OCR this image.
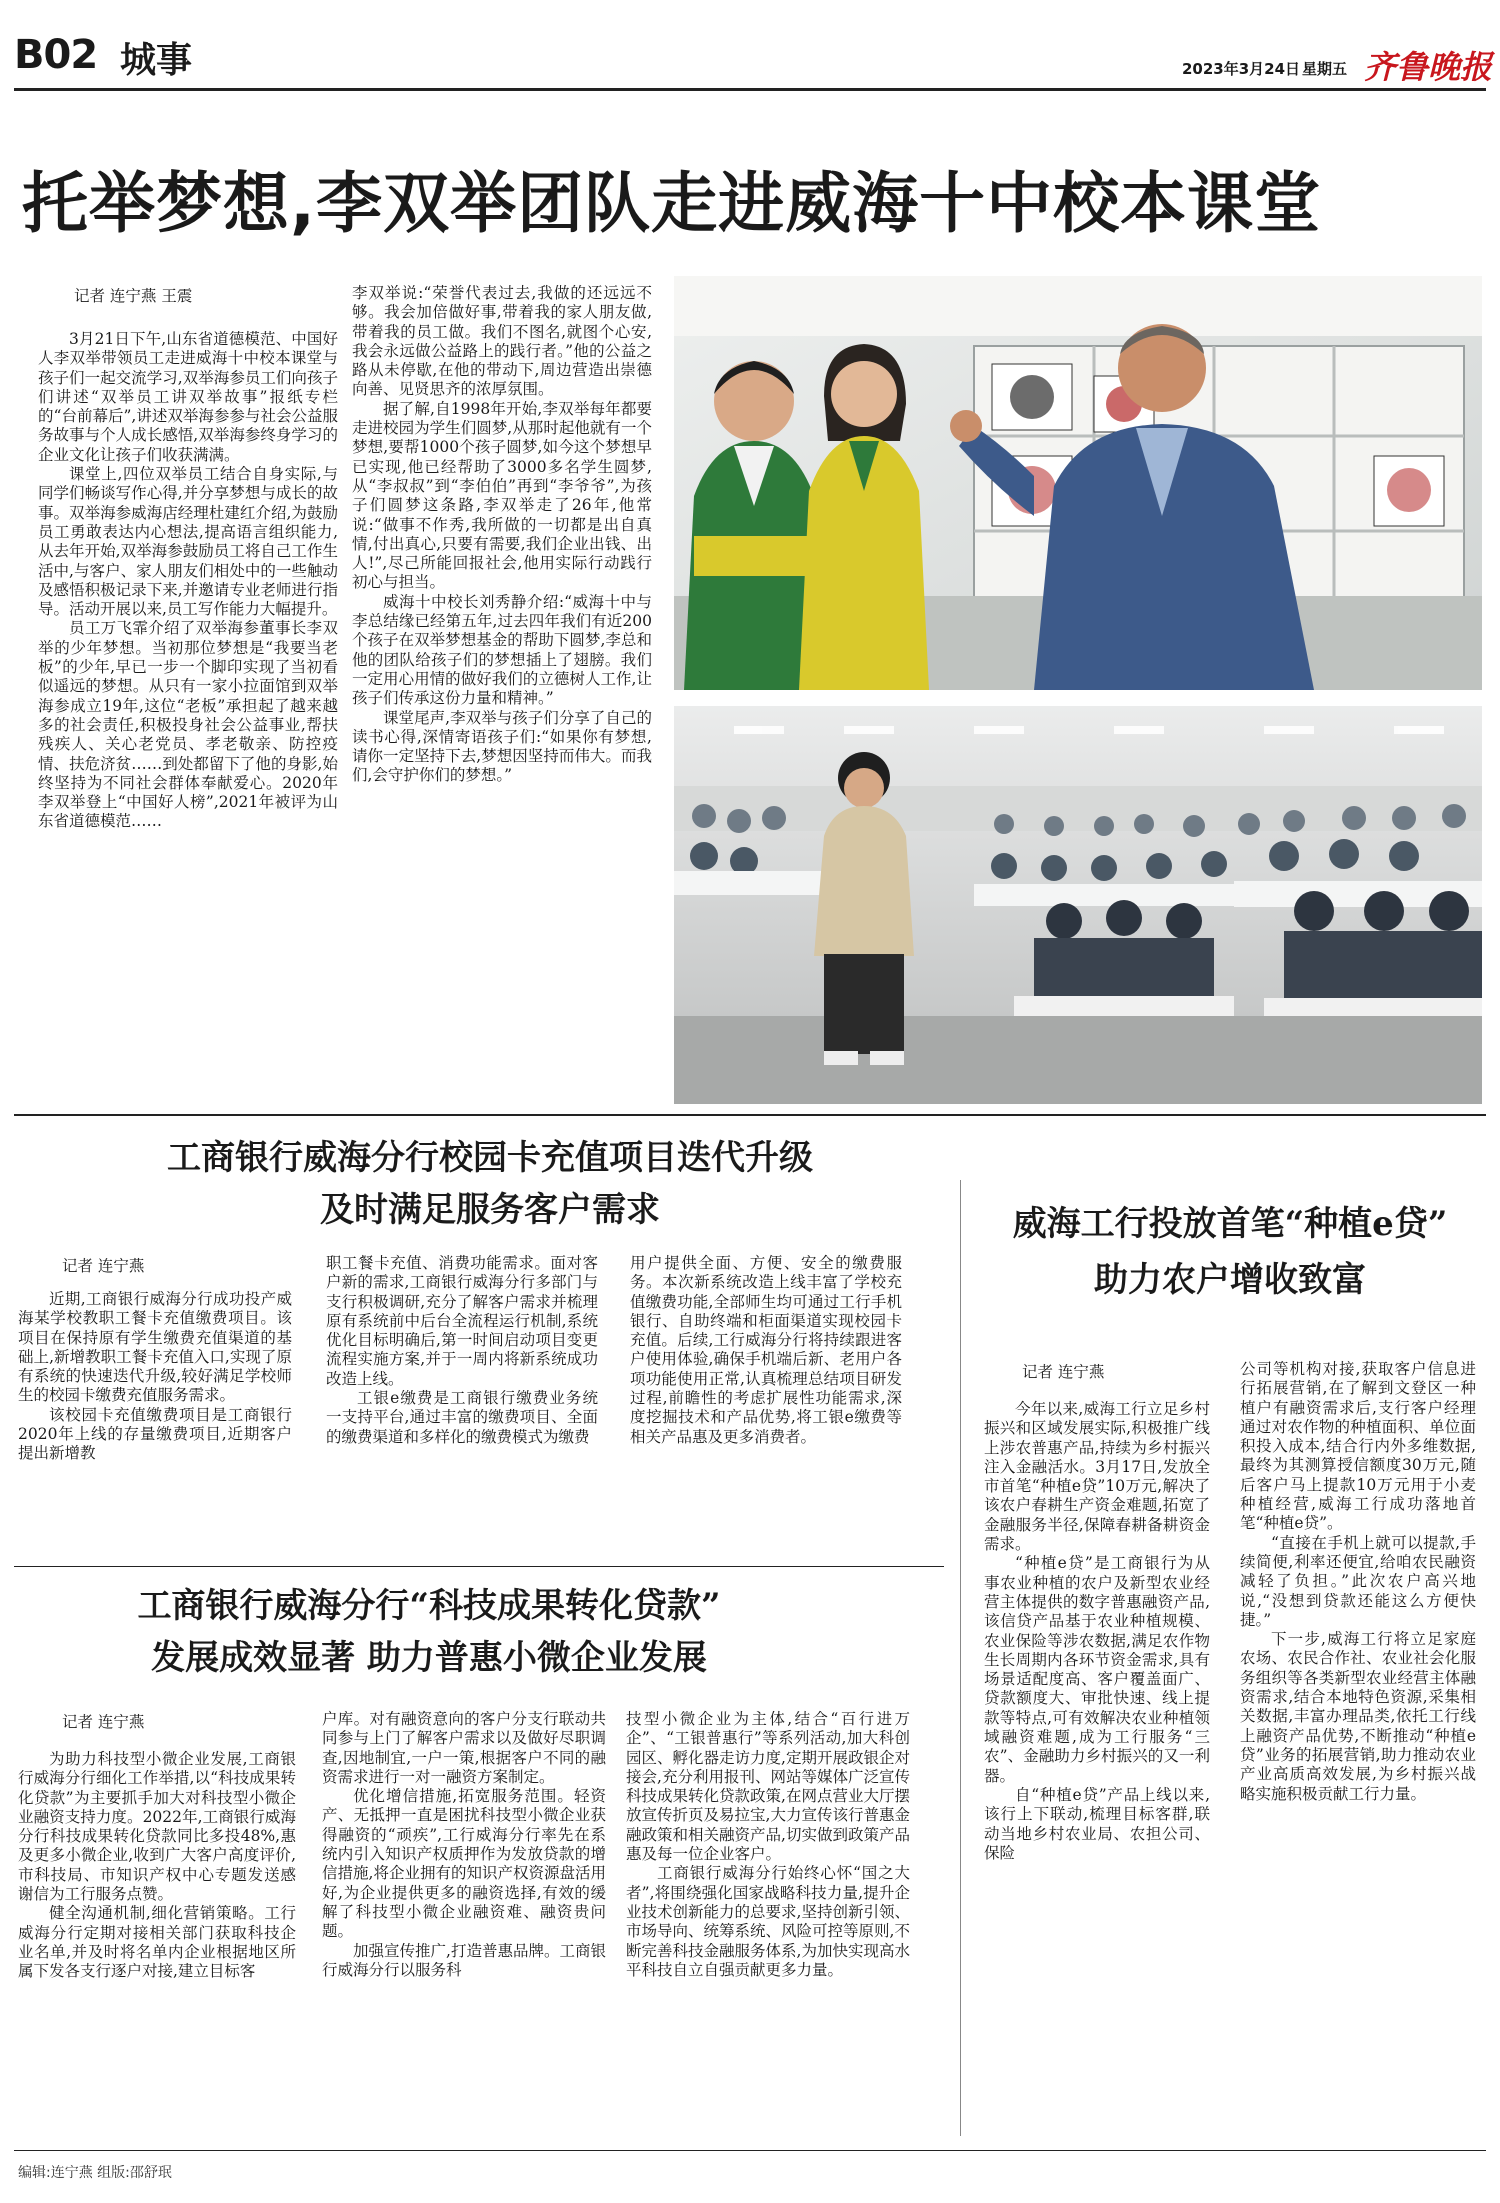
B02 城事	2023年3月24日 星期五 齐鲁晚报
托举梦想,李双举团队走进威海十中校本课堂
记者 连宁燕 王震

3月21日下午,山东省道德模范、中国好人李双举带领员工走进威海十中校本课堂与孩子们一起交流学习,双举海参员工们向孩子们讲述“双举员工讲双举故事”报纸专栏的“台前幕后”,讲述双举海参参与社会公益服务故事与个人成长感悟,双举海参终身学习的企业文化让孩子们收获满满。

课堂上,四位双举员工结合自身实际,与同学们畅谈写作心得,并分享梦想与成长的故事。双举海参威海店经理杜建红介绍,为鼓励员工勇敢表达内心想法,提高语言组织能力,从去年开始,双举海参鼓励员工将自己工作生活中,与客户、家人朋友们相处中的一些触动及感悟积极记录下来,并邀请专业老师进行指导。活动开展以来,员工写作能力大幅提升。

员工万飞霏介绍了双举海参董事长李双举的少年梦想。当初那位梦想是“我要当老板”的少年,早已一步一个脚印实现了当初看似遥远的梦想。从只有一家小拉面馆到双举海参成立19年,这位“老板”承担起了越来越多的社会责任,积极投身社会公益事业,帮扶残疾人、关心老党员、孝老敬亲、防控疫情、扶危济贫……到处都留下了他的身影,始终坚持为不同社会群体奉献爱心。2020年李双举登上“中国好人榜”,2021年被评为山东省道德模范……

李双举说:“荣誉代表过去,我做的还远远不够。我会加倍做好事,带着我的家人朋友做,带着我的员工做。我们不图名,就图个心安,我会永远做公益路上的践行者。”他的公益之路从未停歇,在他的带动下,周边营造出崇德向善、见贤思齐的浓厚氛围。

据了解,自1998年开始,李双举每年都要走进校园为学生们圆梦,从那时起他就有一个梦想,要帮1000个孩子圆梦,如今这个梦想早已实现,他已经帮助了3000多名学生圆梦,从“李叔叔”到“李伯伯”再到“李爷爷”,为孩子们圆梦这条路,李双举走了26年,他常说:“做事不作秀,我所做的一切都是出自真情,付出真心,只要有需要,我们企业出钱、出人!”,尽己所能回报社会,他用实际行动践行初心与担当。

威海十中校长刘秀静介绍:“威海十中与李总结缘已经第五年,过去四年我们有近200个孩子在双举梦想基金的帮助下圆梦,李总和他的团队给孩子们的梦想插上了翅膀。我们一定用心用情的做好我们的立德树人工作,让孩子们传承这份力量和精神。”

课堂尾声,李双举与孩子们分享了自己的读书心得,深情寄语孩子们:“如果你有梦想,请你一定坚持下去,梦想因坚持而伟大。而我们,会守护你们的梦想。”

工商银行威海分行校园卡充值项目迭代升级
及时满足服务客户需求
记者 连宁燕

近期,工商银行威海分行成功投产威海某学校教职工餐卡充值缴费项目。该项目在保持原有学生缴费充值渠道的基础上,新增教职工餐卡充值入口,实现了原有系统的快速迭代升级,较好满足学校师生的校园卡缴费充值服务需求。

该校园卡充值缴费项目是工商银行2020年上线的存量缴费项目,近期客户提出新增教

职工餐卡充值、消费功能需求。面对客户新的需求,工商银行威海分行多部门与支行积极调研,充分了解客户需求并梳理原有系统前中后台全流程运行机制,系统优化目标明确后,第一时间启动项目变更流程实施方案,并于一周内将新系统成功改造上线。

工银e缴费是工商银行缴费业务统一支持平台,通过丰富的缴费项目、全面的缴费渠道和多样化的缴费模式为缴费

用户提供全面、方便、安全的缴费服务。本次新系统改造上线丰富了学校充值缴费功能,全部师生均可通过工行手机银行、自助终端和柜面渠道实现校园卡充值。后续,工行威海分行将持续跟进客户使用体验,确保手机端后新、老用户各项功能使用正常,认真梳理总结项目研发过程,前瞻性的考虑扩展性功能需求,深度挖掘技术和产品优势,将工银e缴费等相关产品惠及更多消费者。

工商银行威海分行“科技成果转化贷款”
发展成效显著 助力普惠小微企业发展
记者 连宁燕

为助力科技型小微企业发展,工商银行威海分行细化工作举措,以“科技成果转化贷款”为主要抓手加大对科技型小微企业融资支持力度。2022年,工商银行威海分行科技成果转化贷款同比多投48%,惠及更多小微企业,收到广大客户高度评价,市科技局、市知识产权中心专题发送感谢信为工行服务点赞。

健全沟通机制,细化营销策略。工行威海分行定期对接相关部门获取科技企业名单,并及时将名单内企业根据地区所属下发各支行逐户对接,建立目标客

户库。对有融资意向的客户分支行联动共同参与上门了解客户需求以及做好尽职调查,因地制宜,一户一策,根据客户不同的融资需求进行一对一融资方案制定。

优化增信措施,拓宽服务范围。轻资产、无抵押一直是困扰科技型小微企业获得融资的“顽疾”,工行威海分行率先在系统内引入知识产权质押作为发放贷款的增信措施,将企业拥有的知识产权资源盘活用好,为企业提供更多的融资选择,有效的缓解了科技型小微企业融资难、融资贵问题。

加强宣传推广,打造普惠品牌。工商银行威海分行以服务科

技型小微企业为主体,结合“百行进万企”、“工银普惠行”等系列活动,加大科创园区、孵化器走访力度,定期开展政银企对接会,充分利用报刊、网站等媒体广泛宣传科技成果转化贷款政策,在网点营业大厅摆放宣传折页及易拉宝,大力宣传该行普惠金融政策和相关融资产品,切实做到政策产品惠及每一位企业客户。

工商银行威海分行始终心怀“国之大者”,将围绕强化国家战略科技力量,提升企业技术创新能力的总要求,坚持创新引领、市场导向、统筹系统、风险可控等原则,不断完善科技金融服务体系,为加快实现高水平科技自立自强贡献更多力量。

威海工行投放首笔“种植e贷”
助力农户增收致富
记者 连宁燕

今年以来,威海工行立足乡村振兴和区域发展实际,积极推广线上涉农普惠产品,持续为乡村振兴注入金融活水。3月17日,发放全市首笔“种植e贷”10万元,解决了该农户春耕生产资金难题,拓宽了金融服务半径,保障春耕备耕资金需求。

“种植e贷”是工商银行为从事农业种植的农户及新型农业经营主体提供的数字普惠融资产品,该信贷产品基于农业种植规模、农业保险等涉农数据,满足农作物生长周期内各环节资金需求,具有场景适配度高、客户覆盖面广、贷款额度大、审批快速、线上提款等特点,可有效解决农业种植领域融资难题,成为工行服务“三农”、金融助力乡村振兴的又一利器。

自“种植e贷”产品上线以来,该行上下联动,梳理目标客群,联动当地乡村农业局、农担公司、保险

公司等机构对接,获取客户信息进行拓展营销,在了解到文登区一种植户有融资需求后,支行客户经理通过对农作物的种植面积、单位面积投入成本,结合行内外多维数据,最终为其测算授信额度30万元,随后客户马上提款10万元用于小麦种植经营,威海工行成功落地首笔“种植e贷”。

“直接在手机上就可以提款,手续简便,利率还便宜,给咱农民融资减轻了负担。”此次农户高兴地说,“没想到贷款还能这么方便快捷。”

下一步,威海工行将立足家庭农场、农民合作社、农业社会化服务组织等各类新型农业经营主体融资需求,结合本地特色资源,采集相关数据,丰富办理品类,依托工行线上融资产品优势,不断推动“种植e贷”业务的拓展营销,助力推动农业产业高质高效发展,为乡村振兴战略实施积极贡献工行力量。

编辑:连宁燕 组版:邵舒珉
